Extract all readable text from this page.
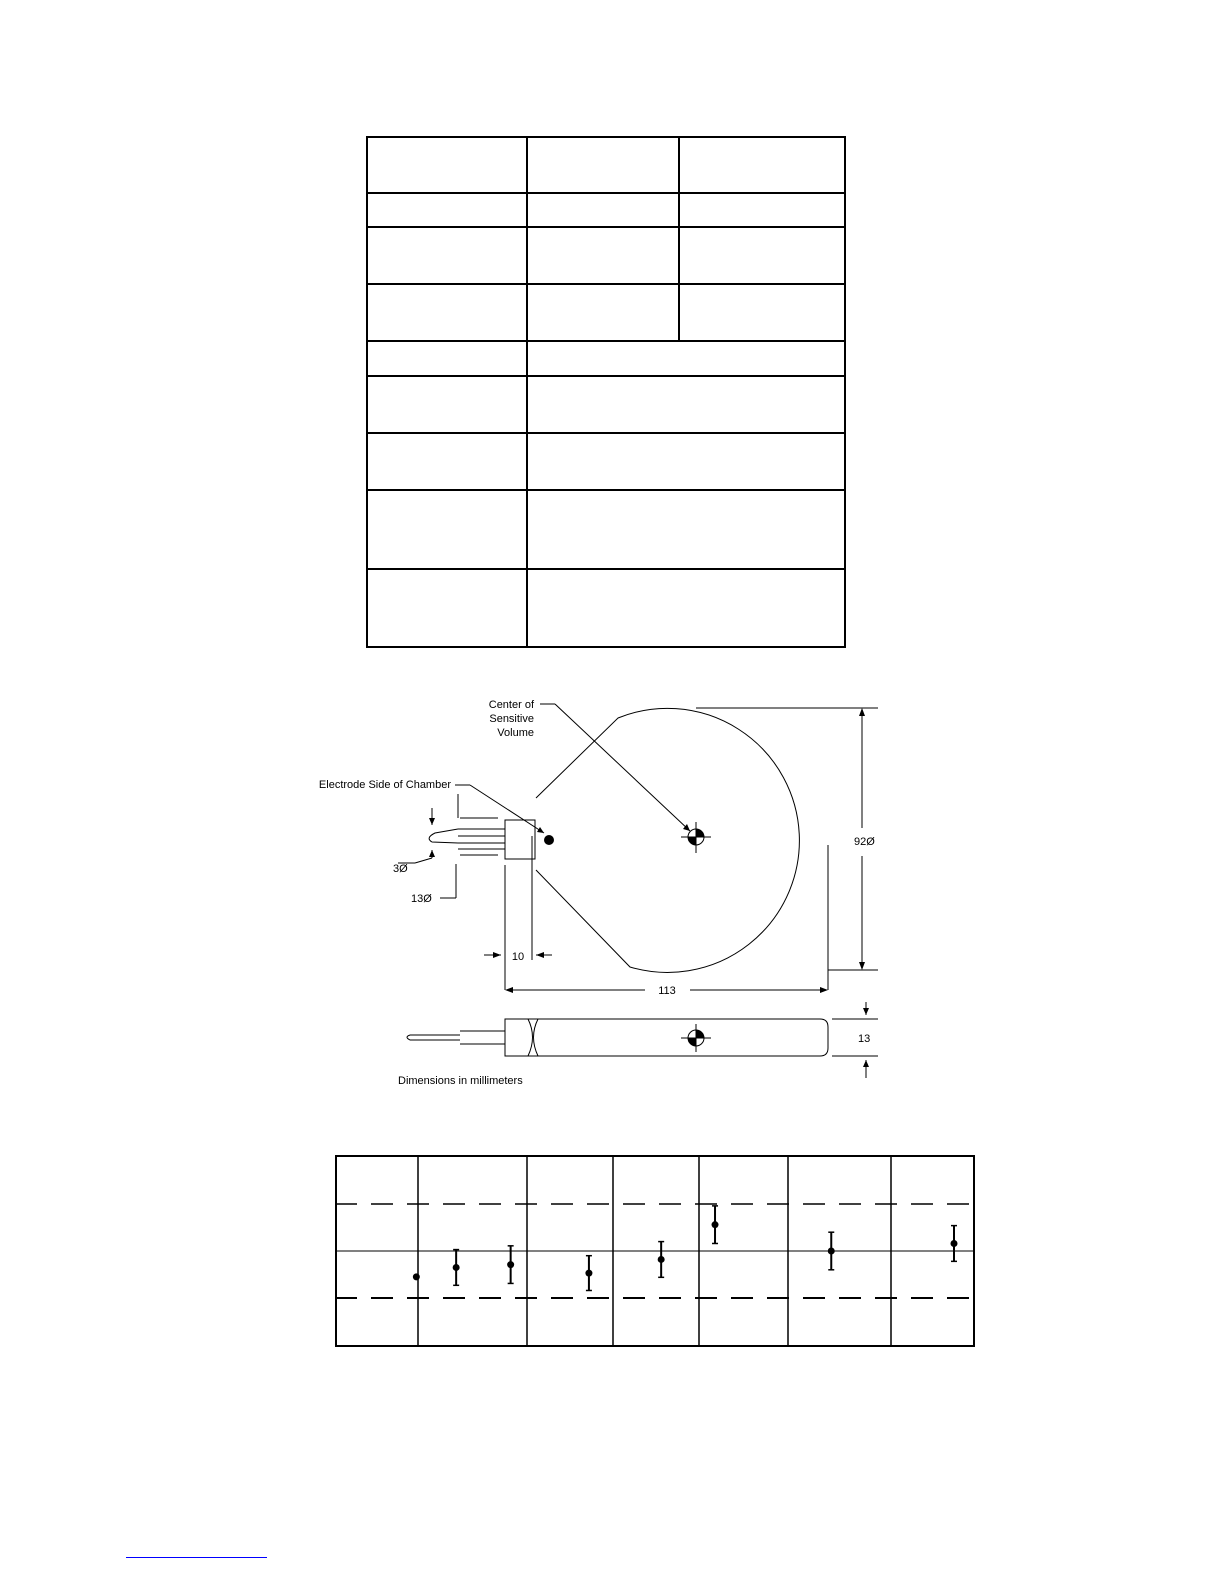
Center of
Sensitive
Volume
Electrode Side of Chamber
92Ø
3Ø
13Ø
10
113
13
Dimensions in millimeters
